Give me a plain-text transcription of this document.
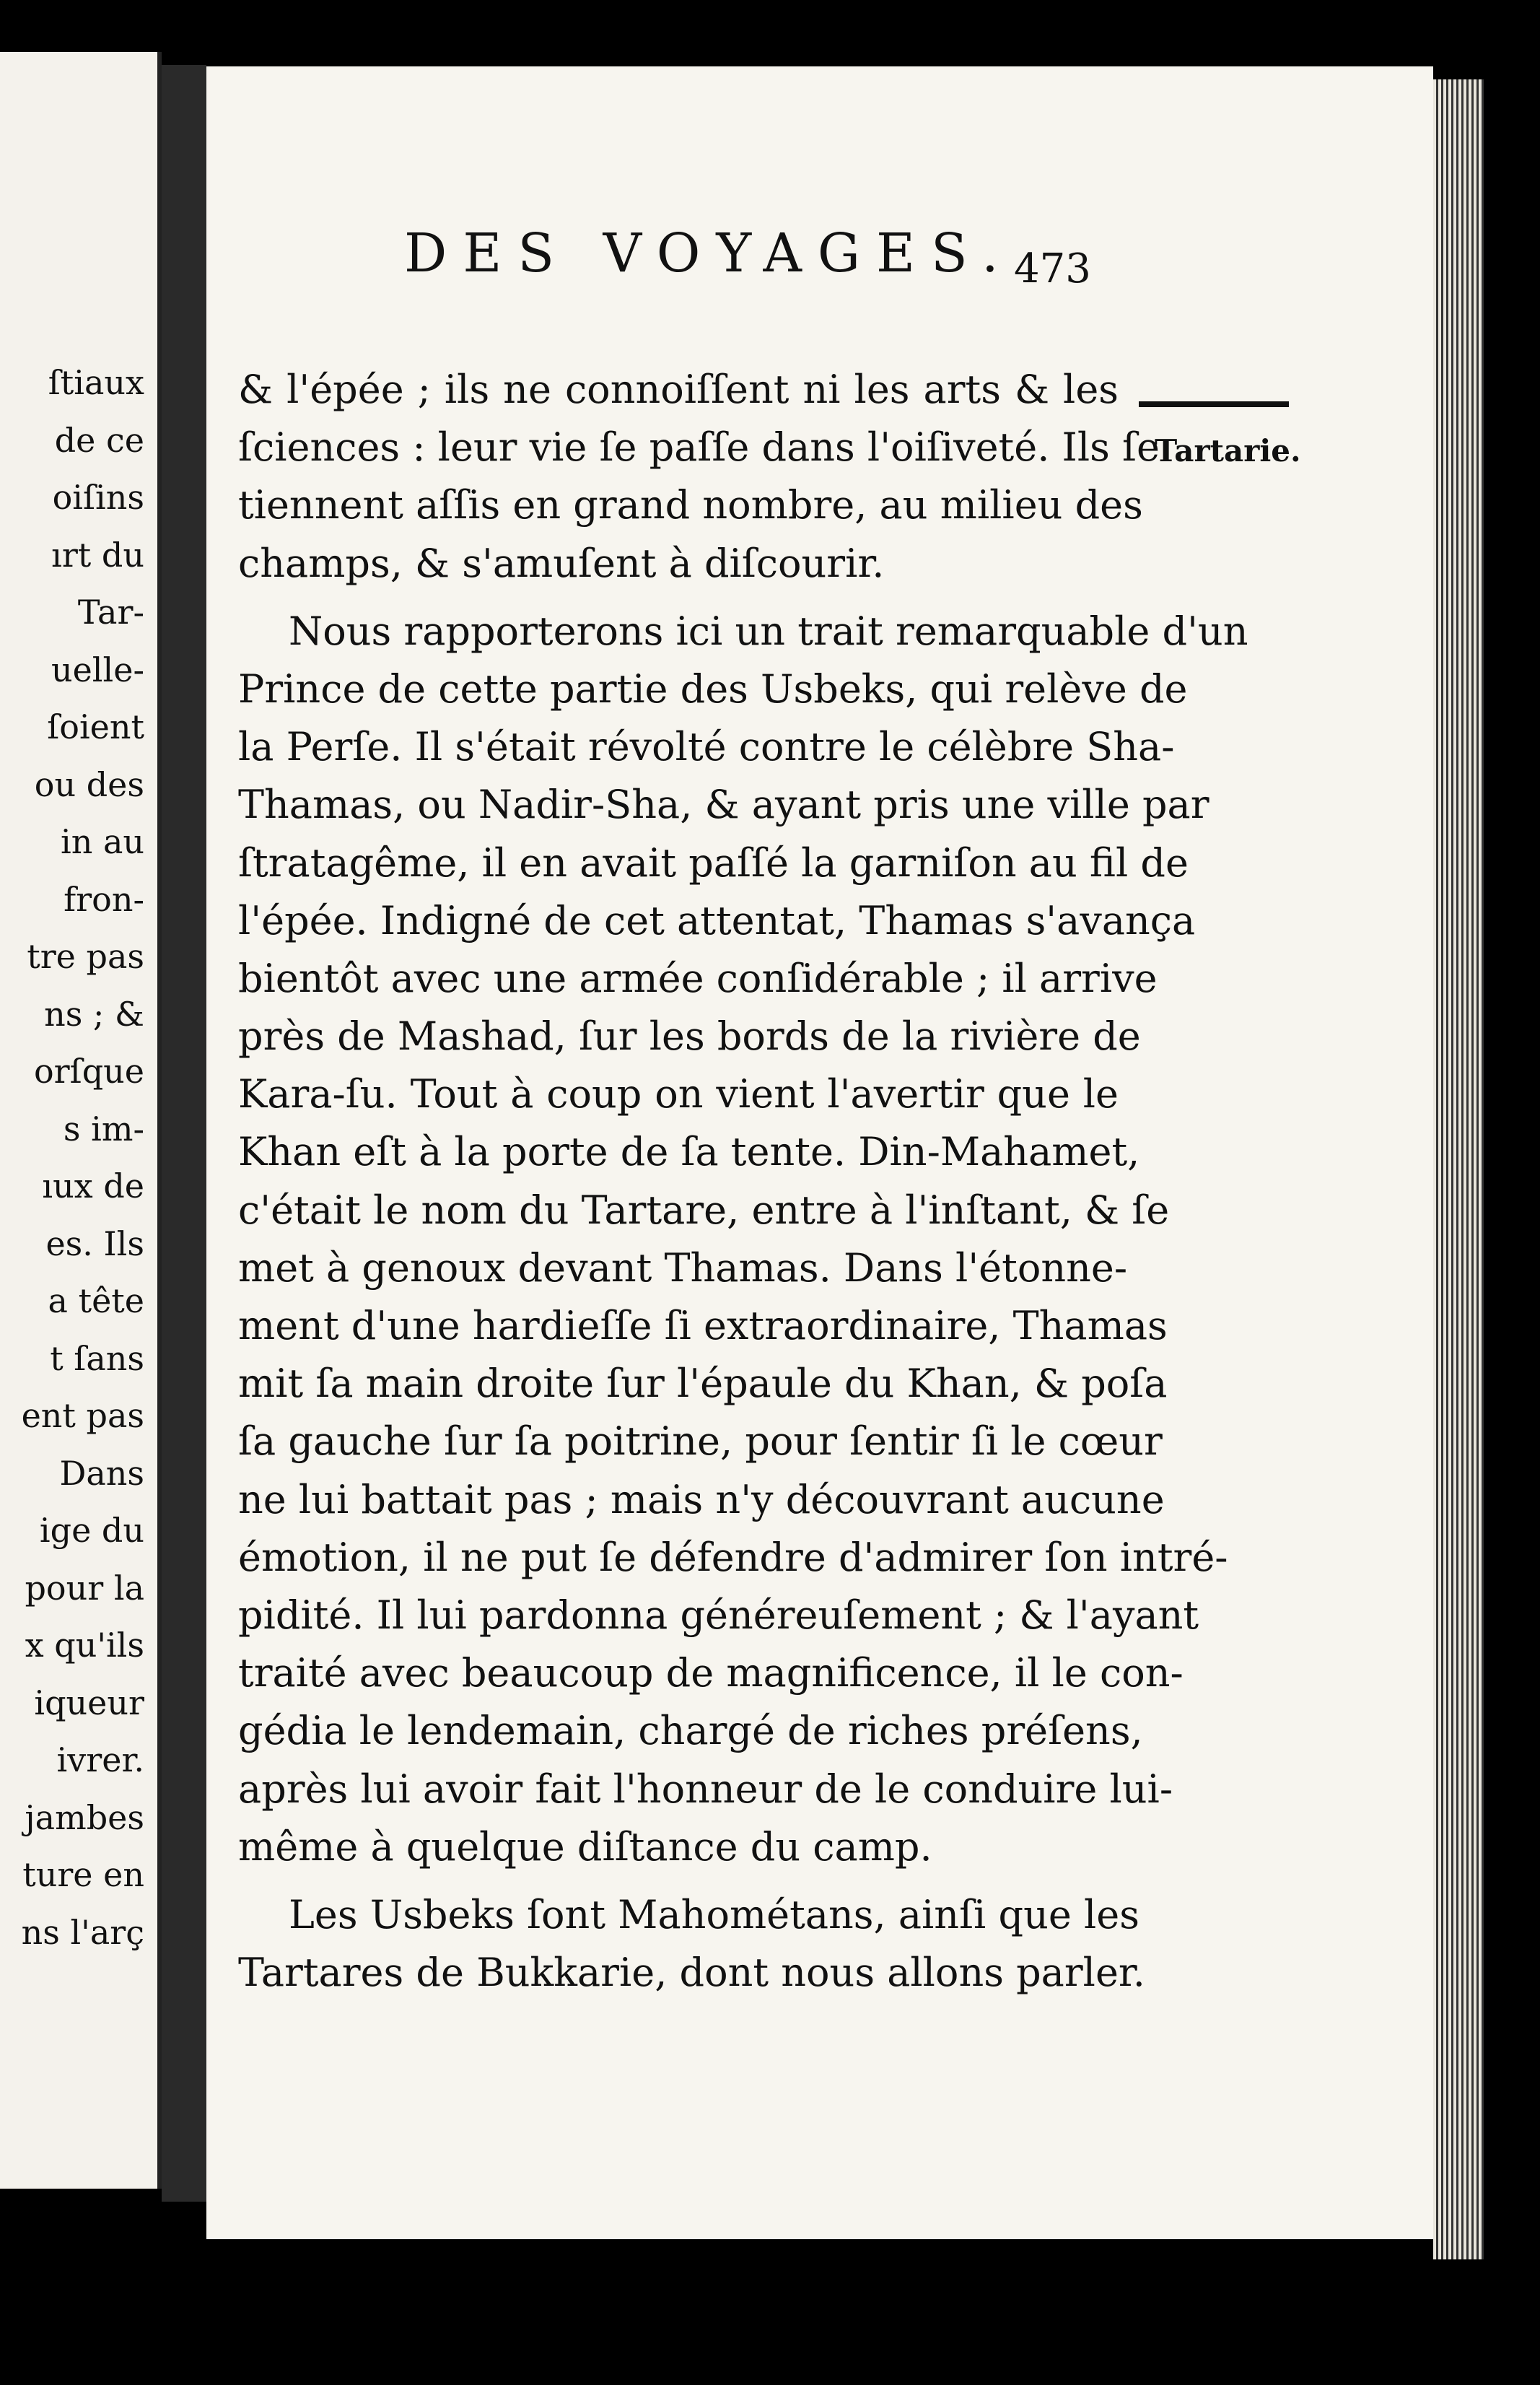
ſtiaux
de ce
oiſins
ırt du
Tar-
uelle-
ſoient
ou des
in au
fron-
tre pas
ns ; &
orſque
s im-
ıux de
es. Ils
a tête
t ſans
ent pas
Dans
ige du
pour la
x qu'ils
iqueur
ivrer.
jambes
ture en
ns l'arç
DES VOYAGES. 473
Tartarie.
& l'épée ; ils ne connoiſſent ni les arts & les
ſciences : leur vie ſe paſſe dans l'oiſiveté. Ils ſe
tiennent aſſis en grand nombre, au milieu des
champs, & s'amuſent à diſcourir.
Nous rapporterons ici un trait remarquable d'un
Prince de cette partie des Usbeks, qui relève de
la Perſe. Il s'était révolté contre le célèbre Sha-
Thamas, ou Nadir-Sha, & ayant pris une ville par
ſtratagême, il en avait paſſé la garniſon au fil de
l'épée. Indigné de cet attentat, Thamas s'avança
bientôt avec une armée conſidérable ; il arrive
près de Mashad, ſur les bords de la rivière de
Kara-ſu. Tout à coup on vient l'avertir que le
Khan eſt à la porte de ſa tente. Din-Mahamet,
c'était le nom du Tartare, entre à l'inſtant, & ſe
met à genoux devant Thamas. Dans l'étonne-
ment d'une hardieſſe ſi extraordinaire, Thamas
mit ſa main droite ſur l'épaule du Khan, & poſa
ſa gauche ſur ſa poitrine, pour ſentir ſi le cœur
ne lui battait pas ; mais n'y découvrant aucune
émotion, il ne put ſe défendre d'admirer ſon intré-
pidité. Il lui pardonna généreuſement ; & l'ayant
traité avec beaucoup de magnificence, il le con-
gédia le lendemain, chargé de riches préſens,
après lui avoir fait l'honneur de le conduire lui-
même à quelque diſtance du camp.
Les Usbeks ſont Mahométans, ainſi que les
Tartares de Bukkarie, dont nous allons parler.
